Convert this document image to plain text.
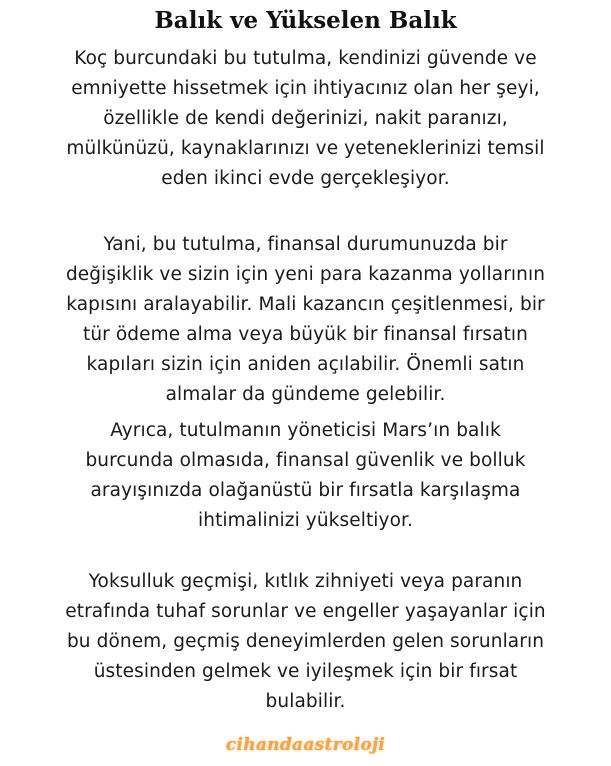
Balık ve Yükselen Balık
Koç burcundaki bu tutulma, kendinizi güvende ve
emniyette hissetmek için ihtiyacınız olan her şeyi,
özellikle de kendi değerinizi, nakit paranızı,
mülkünüzü, kaynaklarınızı ve yeteneklerinizi temsil
eden ikinci evde gerçekleşiyor.
Yani, bu tutulma, finansal durumunuzda bir
değişiklik ve sizin için yeni para kazanma yollarının
kapısını aralayabilir. Mali kazancın çeşitlenmesi, bir
tür ödeme alma veya büyük bir finansal fırsatın
kapıları sizin için aniden açılabilir. Önemli satın
almalar da gündeme gelebilir.
Ayrıca, tutulmanın yöneticisi Mars’ın balık
burcunda olmasıda, finansal güvenlik ve bolluk
arayışınızda olağanüstü bir fırsatla karşılaşma
ihtimalinizi yükseltiyor.
Yoksulluk geçmişi, kıtlık zihniyeti veya paranın
etrafında tuhaf sorunlar ve engeller yaşayanlar için
bu dönem, geçmiş deneyimlerden gelen sorunların
üstesinden gelmek ve iyileşmek için bir fırsat
bulabilir.
cihandaastroloji
